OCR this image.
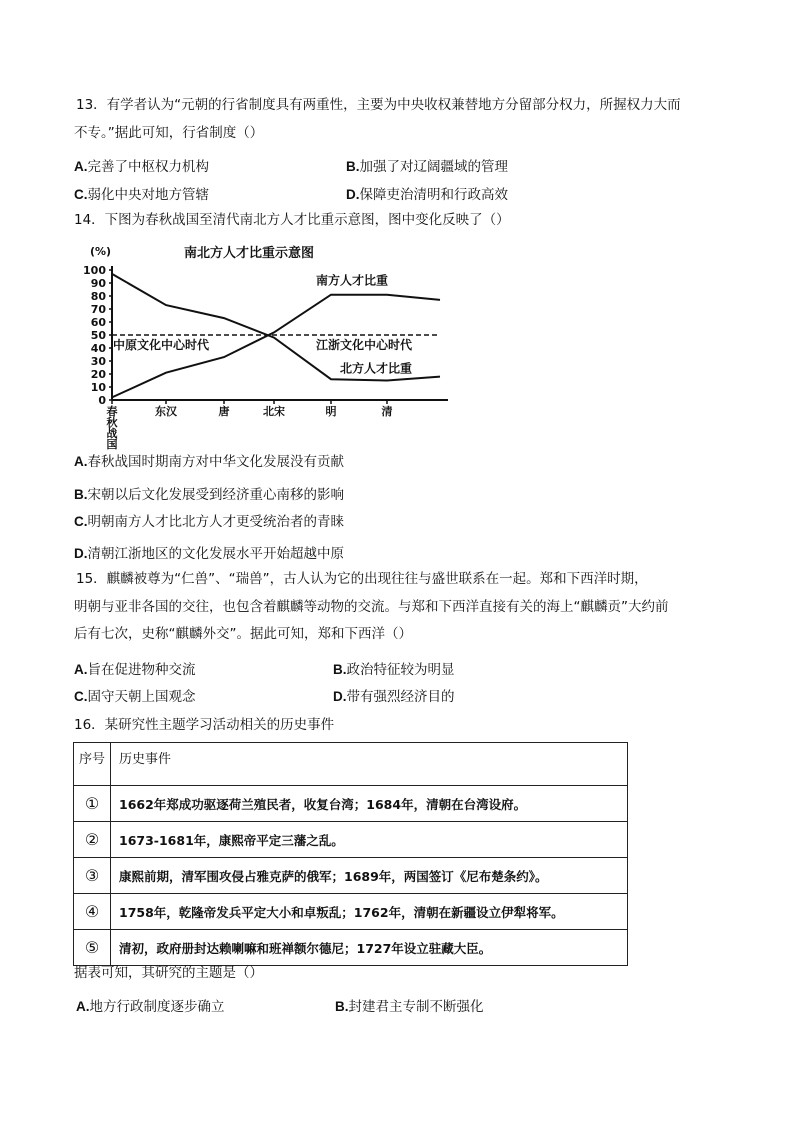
13．有学者认为“元朝的行省制度具有两重性，主要为中央收权兼替地方分留部分权力，所握权力大而
不专。”据此可知，行省制度（）
A.完善了中枢权力机构	B.加强了对辽阔疆域的管理
C.弱化中央对地方管辖	D.保障吏治清明和行政高效
14．下图为春秋战国至清代南北方人才比重示意图，图中变化反映了（）
南北方人才比重示意图
(%)
100
90
80
70
60
50
40
30
20
10
0
春
秋
战
国
东汉	唐	北宋	明	清
中原文化中心时代	江浙文化中心时代
南方人才比重
北方人才比重
A.春秋战国时期南方对中华文化发展没有贡献
B.宋朝以后文化发展受到经济重心南移的影响
C.明朝南方人才比北方人才更受统治者的青睐
D.清朝江浙地区的文化发展水平开始超越中原
15．麒麟被尊为“仁兽”、“瑞兽”，古人认为它的出现往往与盛世联系在一起。郑和下西洋时期，
明朝与亚非各国的交往，也包含着麒麟等动物的交流。与郑和下西洋直接有关的海上“麒麟贡”大约前
后有七次，史称“麒麟外交”。据此可知，郑和下西洋（）
A.旨在促进物种交流	B.政治特征较为明显
C.固守天朝上国观念	D.带有强烈经济目的
16．某研究性主题学习活动相关的历史事件
序号	历史事件
①	1662年郑成功驱逐荷兰殖民者，收复台湾；1684年，清朝在台湾设府。
②	1673-1681年，康熙帝平定三藩之乱。
③	康熙前期，清军围攻侵占雅克萨的俄军；1689年，两国签订《尼布楚条约》。
④	1758年，乾隆帝发兵平定大小和卓叛乱；1762年，清朝在新疆设立伊犁将军。
⑤	清初，政府册封达赖喇嘛和班禅额尔德尼；1727年设立驻藏大臣。
据表可知，其研究的主题是（）
A.地方行政制度逐步确立	B.封建君主专制不断强化
